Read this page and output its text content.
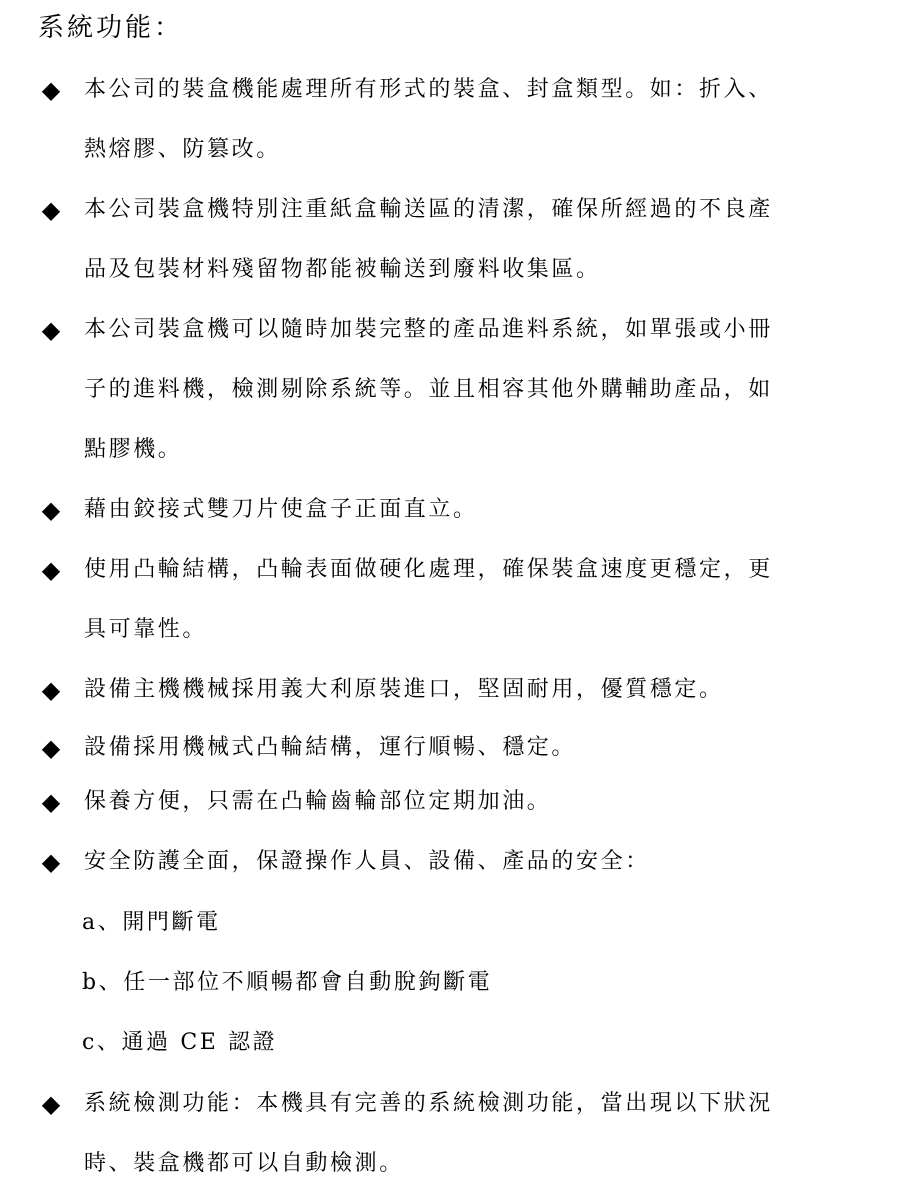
系統功能：
◆ 本公司的裝盒機能處理所有形式的裝盒、封盒類型。如：折入、
熱熔膠、防篡改。
◆ 本公司裝盒機特別注重紙盒輸送區的清潔，確保所經過的不良產
品及包裝材料殘留物都能被輸送到廢料收集區。
◆ 本公司裝盒機可以隨時加裝完整的產品進料系統，如單張或小冊
子的進料機，檢測剔除系統等。並且相容其他外購輔助產品，如
點膠機。
◆ 藉由鉸接式雙刀片使盒子正面直立。
◆ 使用凸輪結構，凸輪表面做硬化處理，確保裝盒速度更穩定，更
具可靠性。
◆ 設備主機機械採用義大利原裝進口，堅固耐用，優質穩定。
◆ 設備採用機械式凸輪結構，運行順暢、穩定。
◆ 保養方便，只需在凸輪齒輪部位定期加油。
◆ 安全防護全面，保證操作人員、設備、產品的安全：
a、開門斷電
b、任一部位不順暢都會自動脫鉤斷電
c、通過 CE 認證
◆ 系統檢測功能：本機具有完善的系統檢測功能，當出現以下狀況
時、裝盒機都可以自動檢測。
